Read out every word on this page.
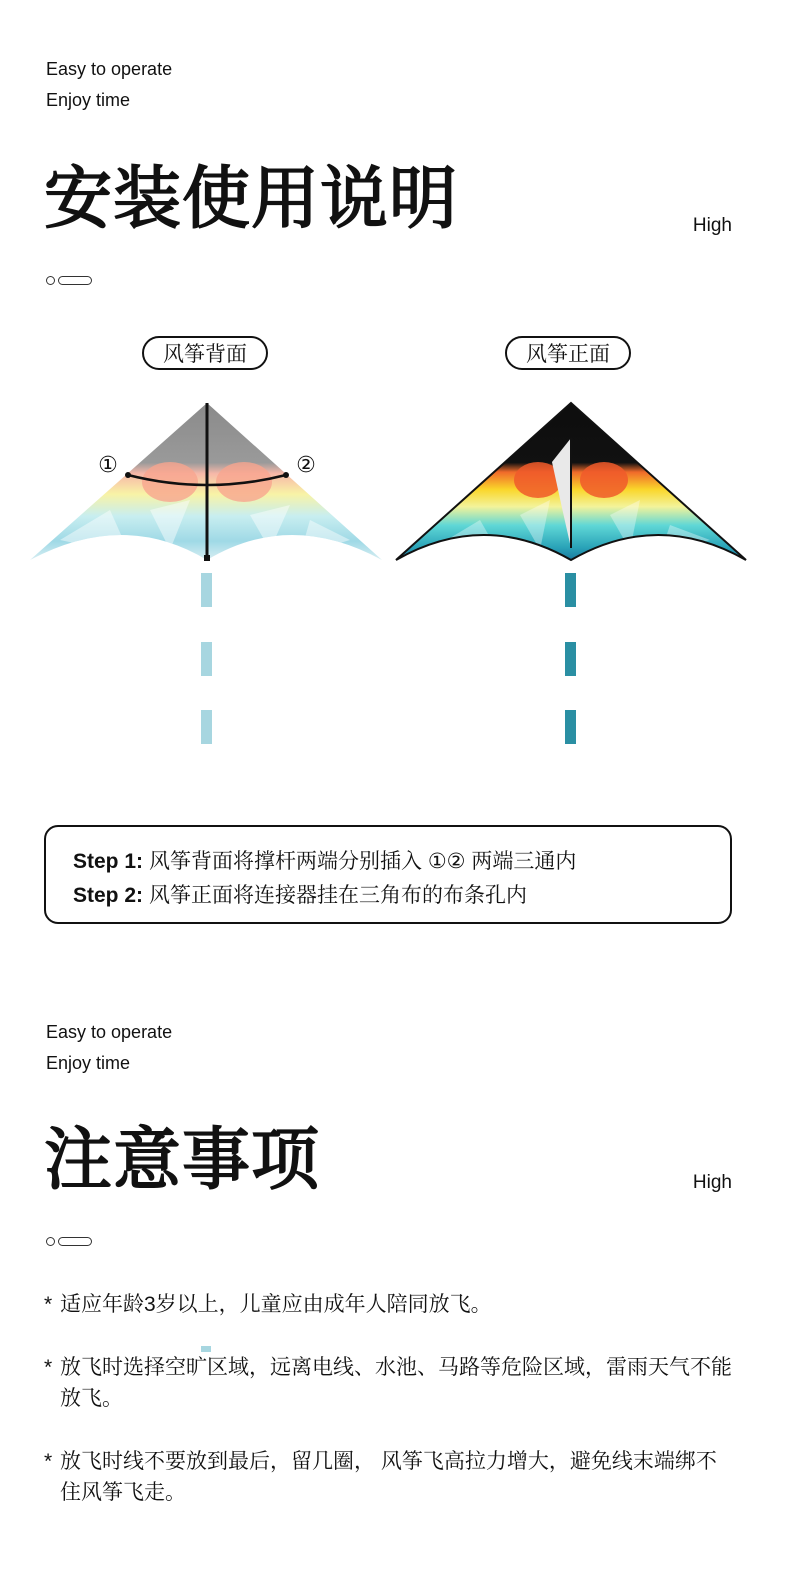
Easy to operate
Enjoy time
安装使用说明	High
风筝背面	风筝正面
①	②
Step 1: 风筝背面将撑杆两端分别插入 ①② 两端三通内
Step 2: 风筝正面将连接器挂在三角布的布条孔内
Easy to operate
Enjoy time
注意事项	High
* 适应年龄3岁以上，儿童应由成年人陪同放飞。
* 放飞时选择空旷区域，远离电线、水池、马路等危险区域，雷雨天气不能放飞。
* 放飞时线不要放到最后，留几圈， 风筝飞高拉力增大，避免线末端绑不住风筝飞走。
